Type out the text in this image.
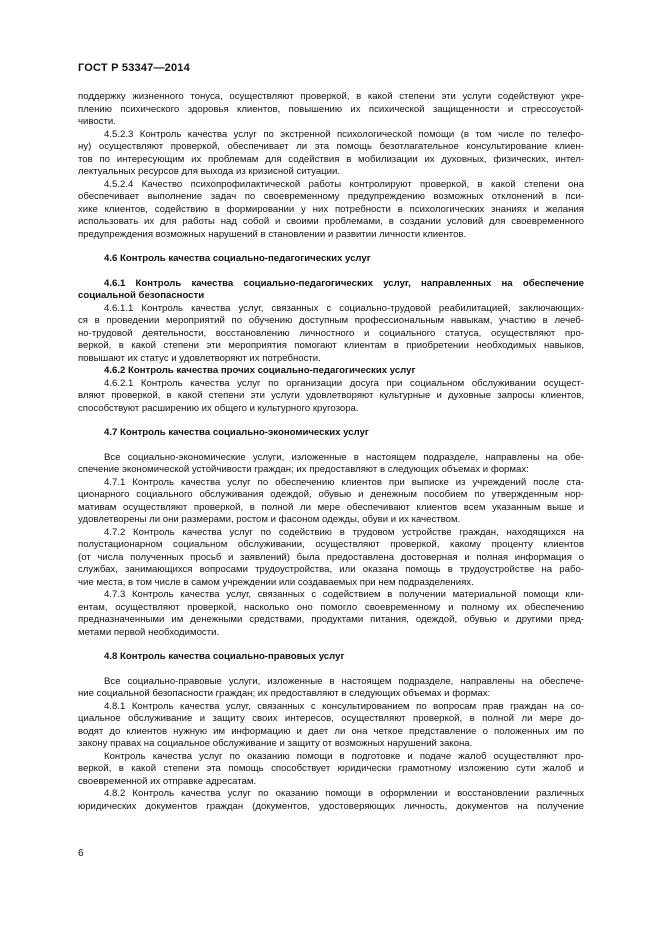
ГОСТ Р 53347—2014
поддержку жизненного тонуса, осуществляют проверкой, в какой степени эти услуги содействуют укре-
плению психического здоровья клиентов, повышению их психической защищенности и стрессоустой-
чивости.
4.5.2.3 Контроль качества услуг по экстренной психологической помощи (в том числе по телефо-
ну) осуществляют проверкой, обеспечивает ли эта помощь безотлагательное консультирование клиен-
тов по интересующим их проблемам для содействия в мобилизации их духовных, физических, интел-
лектуальных ресурсов для выхода из кризисной ситуации.
4.5.2.4 Качество психопрофилактической работы контролируют проверкой, в какой степени она
обеспечивает выполнение задач по своевременному предупреждению возможных отклонений в пси-
хике клиентов, содействию в формировании у них потребности в психологических знаниях и желания
использовать их для работы над собой и своими проблемами, в создании условий для своевременного
предупреждения возможных нарушений в становлении и развитии личности клиентов.
4.6 Контроль качества социально-педагогических услуг
4.6.1 Контроль качества социально-педагогических услуг, направленных на обеспечение
социальной безопасности
4.6.1.1 Контроль качества услуг, связанных с социально-трудовой реабилитацией, заключающих-
ся в проведении мероприятий по обучению доступным профессиональным навыкам, участию в лечеб-
но-трудовой деятельности, восстановлению личностного и социального статуса, осуществляют про-
веркой, в какой степени эти мероприятия помогают клиентам в приобретении необходимых навыков,
повышают их статус и удовлетворяют их потребности.
4.6.2 Контроль качества прочих социально-педагогических услуг
4.6.2.1 Контроль качества услуг по организации досуга при социальном обслуживании осущест-
вляют проверкой, в какой степени эти услуги удовлетворяют культурные и духовные запросы клиентов,
способствуют расширению их общего и культурного кругозора.
4.7 Контроль качества социально-экономических услуг
Все социально-экономические услуги, изложенные в настоящем подразделе, направлены на обе-
спечение экономической устойчивости граждан; их предоставляют в следующих объемах и формах:
4.7.1 Контроль качества услуг по обеспечению клиентов при выписке из учреждений после ста-
ционарного социального обслуживания одеждой, обувью и денежным пособием по утвержденным нор-
мативам осуществляют проверкой, в полной ли мере обеспечивают клиентов всем указанным выше и
удовлетворены ли они размерами, ростом и фасоном одежды, обуви и их качеством.
4.7.2 Контроль качества услуг по содействию в трудовом устройстве граждан, находящихся на
полустационарном социальном обслуживании, осуществляют проверкой, какому проценту клиентов
(от числа полученных просьб и заявлений) была предоставлена достоверная и полная информация о
службах, занимающихся вопросами трудоустройства, или оказана помощь в трудоустройстве на рабо-
чие места, в том числе в самом учреждении или создаваемых при нем подразделениях.
4.7.3 Контроль качества услуг, связанных с содействием в получении материальной помощи кли-
ентам, осуществляют проверкой, насколько оно помогло своевременному и полному их обеспечению
предназначенными им денежными средствами, продуктами питания, одеждой, обувью и другими пред-
метами первой необходимости.
4.8 Контроль качества социально-правовых услуг
Все социально-правовые услуги, изложенные в настоящем подразделе, направлены на обеспече-
ние социальной безопасности граждан; их предоставляют в следующих объемах и формах:
4.8.1 Контроль качества услуг, связанных с консультированием по вопросам прав граждан на со-
циальное обслуживание и защиту своих интересов, осуществляют проверкой, в полной ли мере до-
водят до клиентов нужную им информацию и дает ли она четкое представление о положенных им по
закону правах на социальное обслуживание и защиту от возможных нарушений закона.
Контроль качества услуг по оказанию помощи в подготовке и подаче жалоб осуществляют про-
веркой, в какой степени эта помощь способствует юридически грамотному изложению сути жалоб и
своевременной их отправке адресатам.
4.8.2 Контроль качества услуг по оказанию помощи в оформлении и восстановлении различных
юридических документов граждан (документов, удостоверяющих личность, документов на получение
6
